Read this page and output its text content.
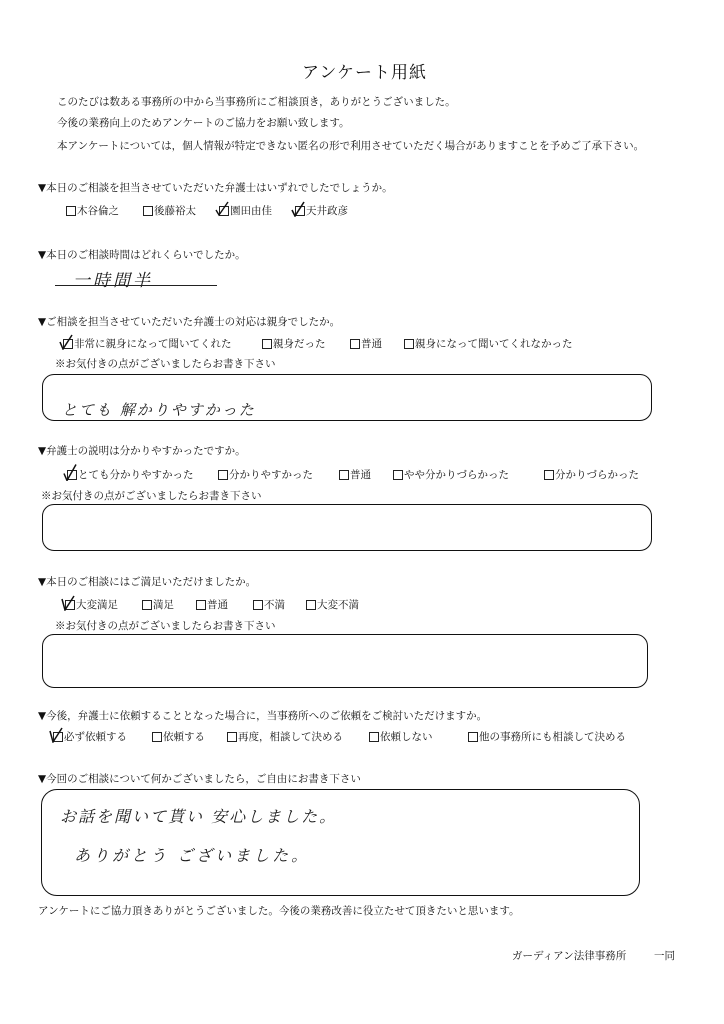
アンケート用紙
このたびは数ある事務所の中から当事務所にご相談頂き，ありがとうございました。
今後の業務向上のためアンケートのご協力をお願い致します。
本アンケートについては，個人情報が特定できない匿名の形で利用させていただく場合がありますことを予めご了承下さい。
▼本日のご相談を担当させていただいた弁護士はいずれでしたでしょうか。
木谷倫之	後藤裕太	園田由佳	天井政彦
▼本日のご相談時間はどれくらいでしたか。
一時間半
▼ご相談を担当させていただいた弁護士の対応は親身でしたか。
非常に親身になって聞いてくれた	親身だった	普通	親身になって聞いてくれなかった
※お気付きの点がございましたらお書き下さい
とても 解かりやすかった
▼弁護士の説明は分かりやすかったですか。
とても分かりやすかった	分かりやすかった	普通	やや分かりづらかった	分かりづらかった
※お気付きの点がございましたらお書き下さい
▼本日のご相談にはご満足いただけましたか。
大変満足	満足	普通	不満	大変不満
※お気付きの点がございましたらお書き下さい
▼今後，弁護士に依頼することとなった場合に，当事務所へのご依頼をご検討いただけますか。
必ず依頼する	依頼する	再度，相談して決める	依頼しない	他の事務所にも相談して決める
▼今回のご相談について何かございましたら，ご自由にお書き下さい
お話を聞いて貰い 安心しました。
ありがとう ございました。
アンケートにご協力頂きありがとうございました。今後の業務改善に役立たせて頂きたいと思います。
ガーディアン法律事務所	一同
